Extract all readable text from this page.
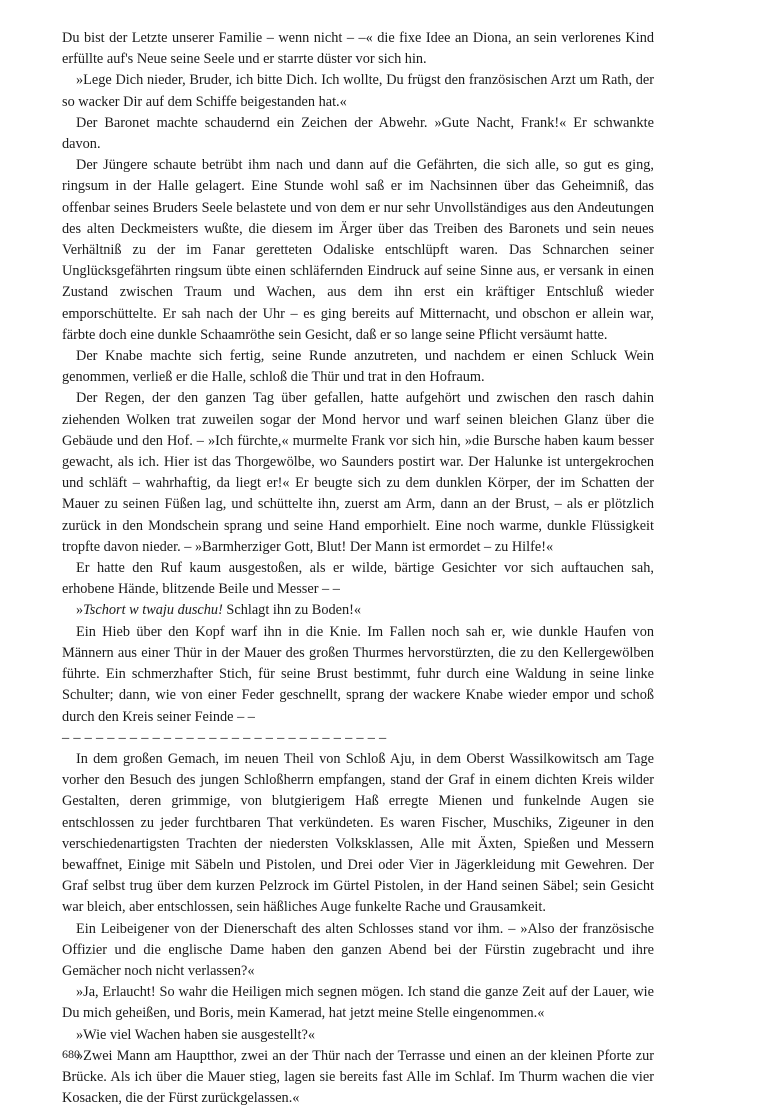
Du bist der Letzte unserer Familie – wenn nicht – –« die fixe Idee an Diona, an sein verlorenes Kind erfüllte auf's Neue seine Seele und er starrte düster vor sich hin.

»Lege Dich nieder, Bruder, ich bitte Dich. Ich wollte, Du frügst den französischen Arzt um Rath, der so wacker Dir auf dem Schiffe beigestanden hat.«

Der Baronet machte schaudernd ein Zeichen der Abwehr. »Gute Nacht, Frank!« Er schwankte davon.

Der Jüngere schaute betrübt ihm nach und dann auf die Gefährten, die sich alle, so gut es ging, ringsum in der Halle gelagert. Eine Stunde wohl saß er im Nachsinnen über das Geheimniß, das offenbar seines Bruders Seele belastete und von dem er nur sehr Unvollständiges aus den Andeutungen des alten Deckmeisters wußte, die diesem im Ärger über das Treiben des Baronets und sein neues Verhältniß zu der im Fanar geretteten Odaliske entschlüpft waren. Das Schnarchen seiner Unglücksgefährten ringsum übte einen schläfernden Eindruck auf seine Sinne aus, er versank in einen Zustand zwischen Traum und Wachen, aus dem ihn erst ein kräftiger Entschluß wieder emporschüttelte. Er sah nach der Uhr – es ging bereits auf Mitternacht, und obschon er allein war, färbte doch eine dunkle Schaamröthe sein Gesicht, daß er so lange seine Pflicht versäumt hatte.

Der Knabe machte sich fertig, seine Runde anzutreten, und nachdem er einen Schluck Wein genommen, verließ er die Halle, schloß die Thür und trat in den Hofraum.

Der Regen, der den ganzen Tag über gefallen, hatte aufgehört und zwischen den rasch dahin ziehenden Wolken trat zuweilen sogar der Mond hervor und warf seinen bleichen Glanz über die Gebäude und den Hof. – »Ich fürchte,« murmelte Frank vor sich hin, »die Bursche haben kaum besser gewacht, als ich. Hier ist das Thorgewölbe, wo Saunders postirt war. Der Halunke ist untergekrochen und schläft – wahrhaftig, da liegt er!« Er beugte sich zu dem dunklen Körper, der im Schatten der Mauer zu seinen Füßen lag, und schüttelte ihn, zuerst am Arm, dann an der Brust, – als er plötzlich zurück in den Mondschein sprang und seine Hand emporhielt. Eine noch warme, dunkle Flüssigkeit tropfte davon nieder. – »Barmherziger Gott, Blut! Der Mann ist ermordet – zu Hilfe!«

Er hatte den Ruf kaum ausgestoßen, als er wilde, bärtige Gesichter vor sich auftauchen sah, erhobene Hände, blitzende Beile und Messer – –

»Tschort w twaju duschu! Schlagt ihn zu Boden!«

Ein Hieb über den Kopf warf ihn in die Knie. Im Fallen noch sah er, wie dunkle Haufen von Männern aus einer Thür in der Mauer des großen Thurmes hervorstürzten, die zu den Kellergewölben führte. Ein schmerzhafter Stich, für seine Brust bestimmt, fuhr durch eine Waldung in seine linke Schulter; dann, wie von einer Feder geschnellt, sprang der wackere Knabe wieder empor und schoß durch den Kreis seiner Feinde – –

– – – – – – – – – – – – – – – – – – – – – – – – – – – – –

In dem großen Gemach, im neuen Theil von Schloß Aju, in dem Oberst Wassilkowitsch am Tage vorher den Besuch des jungen Schloßherrn empfangen, stand der Graf in einem dichten Kreis wilder Gestalten, deren grimmige, von blutgierigem Haß erregte Mienen und funkelnde Augen sie entschlossen zu jeder furchtbaren That verkündeten. Es waren Fischer, Muschiks, Zigeuner in den verschiedenartigsten Trachten der niedersten Volksklassen, Alle mit Äxten, Spießen und Messern bewaffnet, Einige mit Säbeln und Pistolen, und Drei oder Vier in Jägerkleidung mit Gewehren. Der Graf selbst trug über dem kurzen Pelzrock im Gürtel Pistolen, in der Hand seinen Säbel; sein Gesicht war bleich, aber entschlossen, sein häßliches Auge funkelte Rache und Grausamkeit.

Ein Leibeigener von der Dienerschaft des alten Schlosses stand vor ihm. – »Also der französische Offizier und die englische Dame haben den ganzen Abend bei der Fürstin zugebracht und ihre Gemächer noch nicht verlassen?«

»Ja, Erlaucht! So wahr die Heiligen mich segnen mögen. Ich stand die ganze Zeit auf der Lauer, wie Du mich geheißen, und Boris, mein Kamerad, hat jetzt meine Stelle eingenommen.«

»Wie viel Wachen haben sie ausgestellt?«

»Zwei Mann am Hauptthor, zwei an der Thür nach der Terrasse und einen an der kleinen Pforte zur Brücke. Als ich über die Mauer stieg, lagen sie bereits fast Alle im Schlaf. Im Thurm wachen die vier Kosacken, die der Fürst zurückgelassen.«

680
